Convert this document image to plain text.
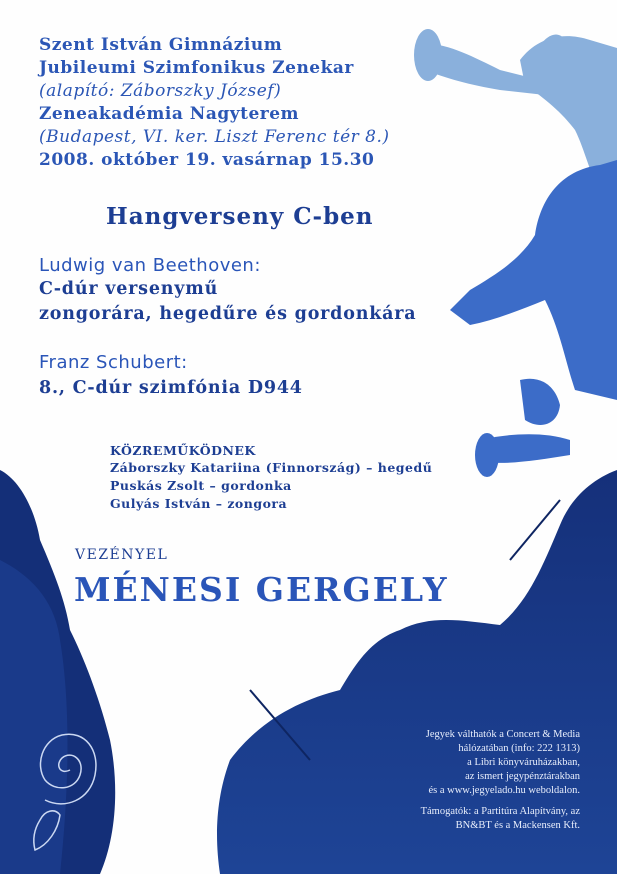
Szent István Gimnázium
Jubileumi Szimfonikus Zenekar
(alapító: Záborszky József)
Zeneakadémia Nagyterem
(Budapest, VI. ker. Liszt Ferenc tér 8.)
2008. október 19. vasárnap 15.30
Hangverseny C-ben
Ludwig van Beethoven:
C-dúr versenymű
zongorára, hegedűre és gordonkára
Franz Schubert:
8., C-dúr szimfónia D944
KÖZREMŰKÖDNEK
Záborszky Katariina (Finnország) – hegedű
Puskás Zsolt – gordonka
Gulyás István – zongora
VEZÉNYEL
MÉNESI GERGELY
Jegyek válthatók a Concert & Media
hálózatában (info: 222 1313)
a Libri könyváruházakban,
az ismert jegypénztárakban
és a www.jegyelado.hu weboldalon.
Támogatók: a Partitúra Alapítvány, az
BN&BT és a Mackensen Kft.
